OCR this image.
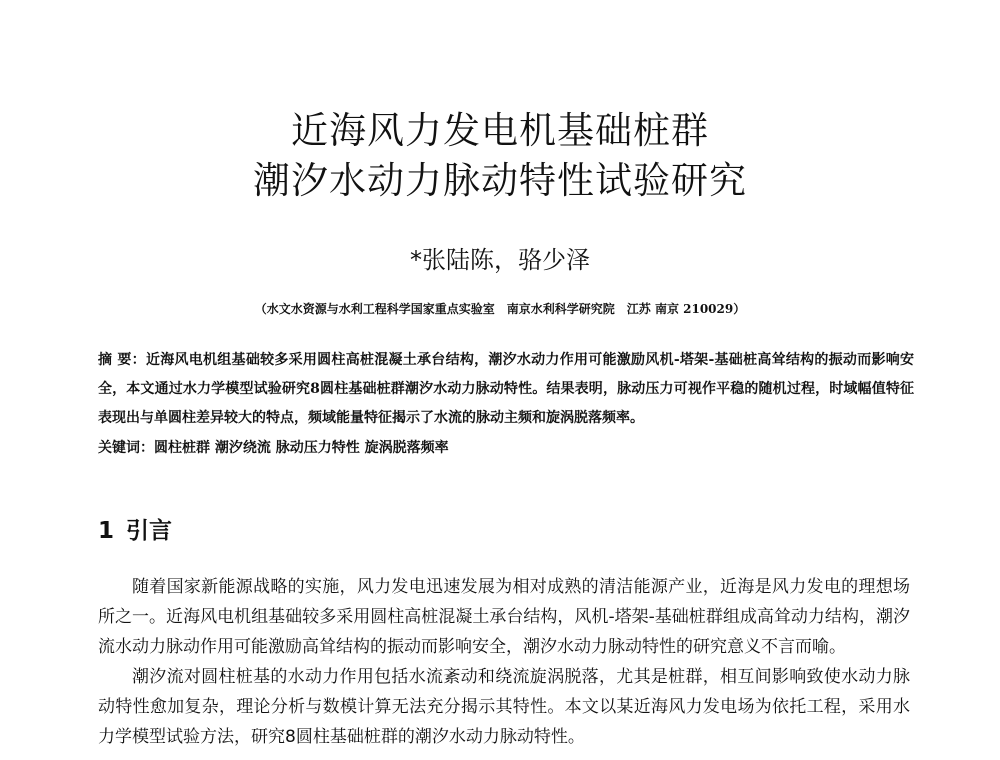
近海风力发电机基础桩群
潮汐水动力脉动特性试验研究
*张陆陈，骆少泽
（水文水资源与水利工程科学国家重点实验室　南京水利科学研究院　江苏 南京 210029）
摘 要：近海风电机组基础较多采用圆柱高桩混凝土承台结构，潮汐水动力作用可能激励风机-塔架-基础桩高耸结构的振动而影响安全，本文通过水力学模型试验研究8圆柱基础桩群潮汐水动力脉动特性。结果表明，脉动压力可视作平稳的随机过程，时域幅值特征表现出与单圆柱差异较大的特点，频域能量特征揭示了水流的脉动主频和旋涡脱落频率。
关键词：圆柱桩群 潮汐绕流 脉动压力特性 旋涡脱落频率
1 引言

随着国家新能源战略的实施，风力发电迅速发展为相对成熟的清洁能源产业，近海是风力发电的理想场所之一。近海风电机组基础较多采用圆柱高桩混凝土承台结构，风机-塔架-基础桩群组成高耸动力结构，潮汐流水动力脉动作用可能激励高耸结构的振动而影响安全，潮汐水动力脉动特性的研究意义不言而喻。

潮汐流对圆柱桩基的水动力作用包括水流紊动和绕流旋涡脱落，尤其是桩群，相互间影响致使水动力脉动特性愈加复杂，理论分析与数模计算无法充分揭示其特性。本文以某近海风力发电场为依托工程，采用水力学模型试验方法，研究8圆柱基础桩群的潮汐水动力脉动特性。
